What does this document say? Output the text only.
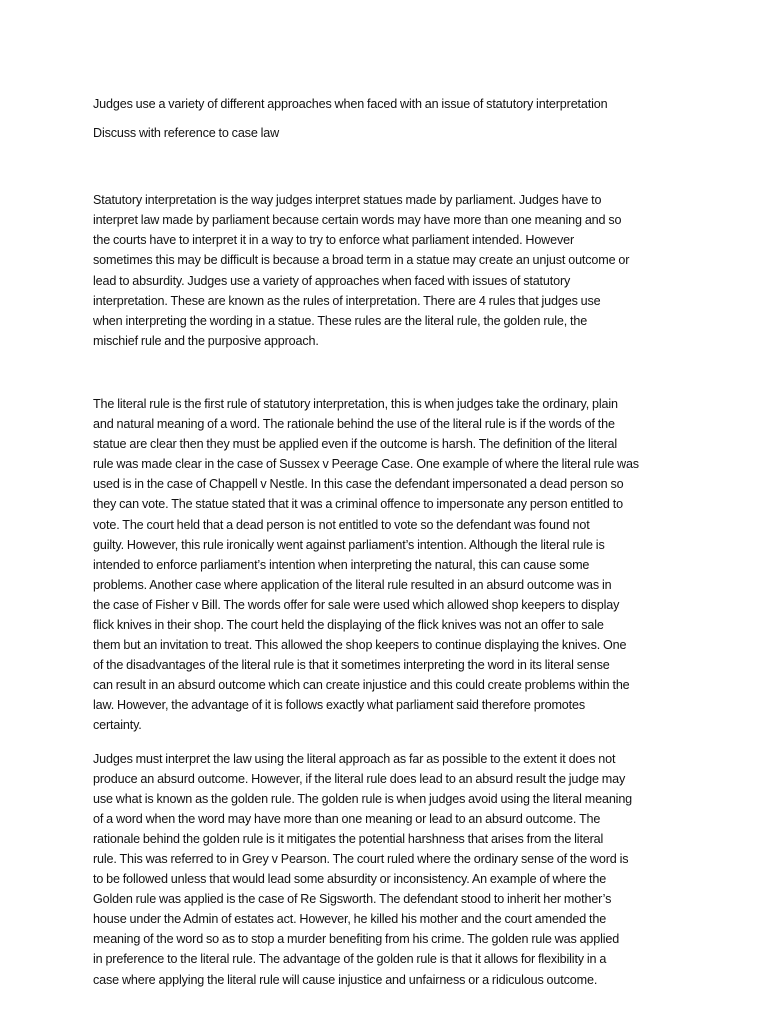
Judges use a variety of different approaches when faced with an issue of statutory interpretation
Discuss with reference to case law
Statutory interpretation is the way judges interpret statues made by parliament. Judges have to
interpret law made by parliament because certain words may have more than one meaning and so
the courts have to interpret it in a way to try to enforce what parliament intended. However
sometimes this may be difficult is because a broad term in a statue may create an unjust outcome or
lead to absurdity. Judges use a variety of approaches when faced with issues of statutory
interpretation. These are known as the rules of interpretation. There are 4 rules that judges use
when interpreting the wording in a statue. These rules are the literal rule, the golden rule, the
mischief rule and the purposive approach.
The literal rule is the first rule of statutory interpretation, this is when judges take the ordinary, plain
and natural meaning of a word. The rationale behind the use of the literal rule is if the words of the
statue are clear then they must be applied even if the outcome is harsh. The definition of the literal
rule was made clear in the case of Sussex v Peerage Case. One example of where the literal rule was
used is in the case of Chappell v Nestle. In this case the defendant impersonated a dead person so
they can vote. The statue stated that it was a criminal offence to impersonate any person entitled to
vote. The court held that a dead person is not entitled to vote so the defendant was found not
guilty. However, this rule ironically went against parliament’s intention. Although the literal rule is
intended to enforce parliament’s intention when interpreting the natural, this can cause some
problems. Another case where application of the literal rule resulted in an absurd outcome was in
the case of Fisher v Bill. The words offer for sale were used which allowed shop keepers to display
flick knives in their shop. The court held the displaying of the flick knives was not an offer to sale
them but an invitation to treat. This allowed the shop keepers to continue displaying the knives. One
of the disadvantages of the literal rule is that it sometimes interpreting the word in its literal sense
can result in an absurd outcome which can create injustice and this could create problems within the
law. However, the advantage of it is follows exactly what parliament said therefore promotes
certainty.
Judges must interpret the law using the literal approach as far as possible to the extent it does not
produce an absurd outcome. However, if the literal rule does lead to an absurd result the judge may
use what is known as the golden rule. The golden rule is when judges avoid using the literal meaning
of a word when the word may have more than one meaning or lead to an absurd outcome. The
rationale behind the golden rule is it mitigates the potential harshness that arises from the literal
rule. This was referred to in Grey v Pearson. The court ruled where the ordinary sense of the word is
to be followed unless that would lead some absurdity or inconsistency. An example of where the
Golden rule was applied is the case of Re Sigsworth. The defendant stood to inherit her mother’s
house under the Admin of estates act. However, he killed his mother and the court amended the
meaning of the word so as to stop a murder benefiting from his crime. The golden rule was applied
in preference to the literal rule. The advantage of the golden rule is that it allows for flexibility in a
case where applying the literal rule will cause injustice and unfairness or a ridiculous outcome.
